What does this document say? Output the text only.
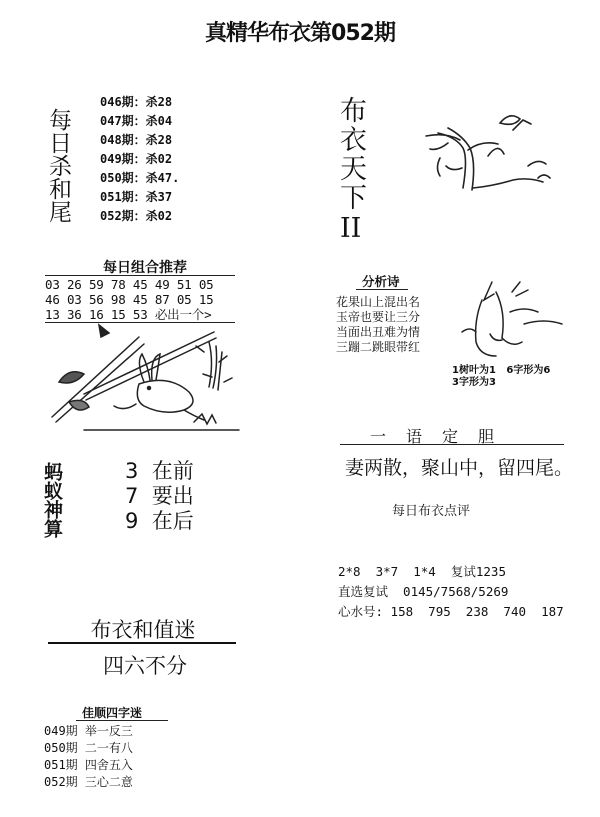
真精华布衣第052期
每日杀和尾
046期：杀28
047期：杀04
048期：杀28
049期：杀02
050期：杀47.
051期：杀37
052期：杀02
每日组合推荐
03 26 59 78 45 49 51 05
46 03 56 98 45 87 05 15
13 36 16 15 53 必出一个>
蚂蚁神算	3 在前
7 要出
9 在后
布衣和值迷
四六不分
佳顺四字迷
049期 举一反三
050期 二一有八
051期 四舍五入
052期 三心二意
布
衣
天
下
II
分析诗
花果山上混出名
玉帝也要让三分
当面出丑难为情
三蹦二跳眼带红
1树叶为1   6字形为6
3字形为3
一语定胆
妻两散，聚山中，留四尾。
每日布衣点评
2*8  3*7  1*4  复试1235
直选复试  0145/7568/5269
心水号: 158  795  238  740  187
